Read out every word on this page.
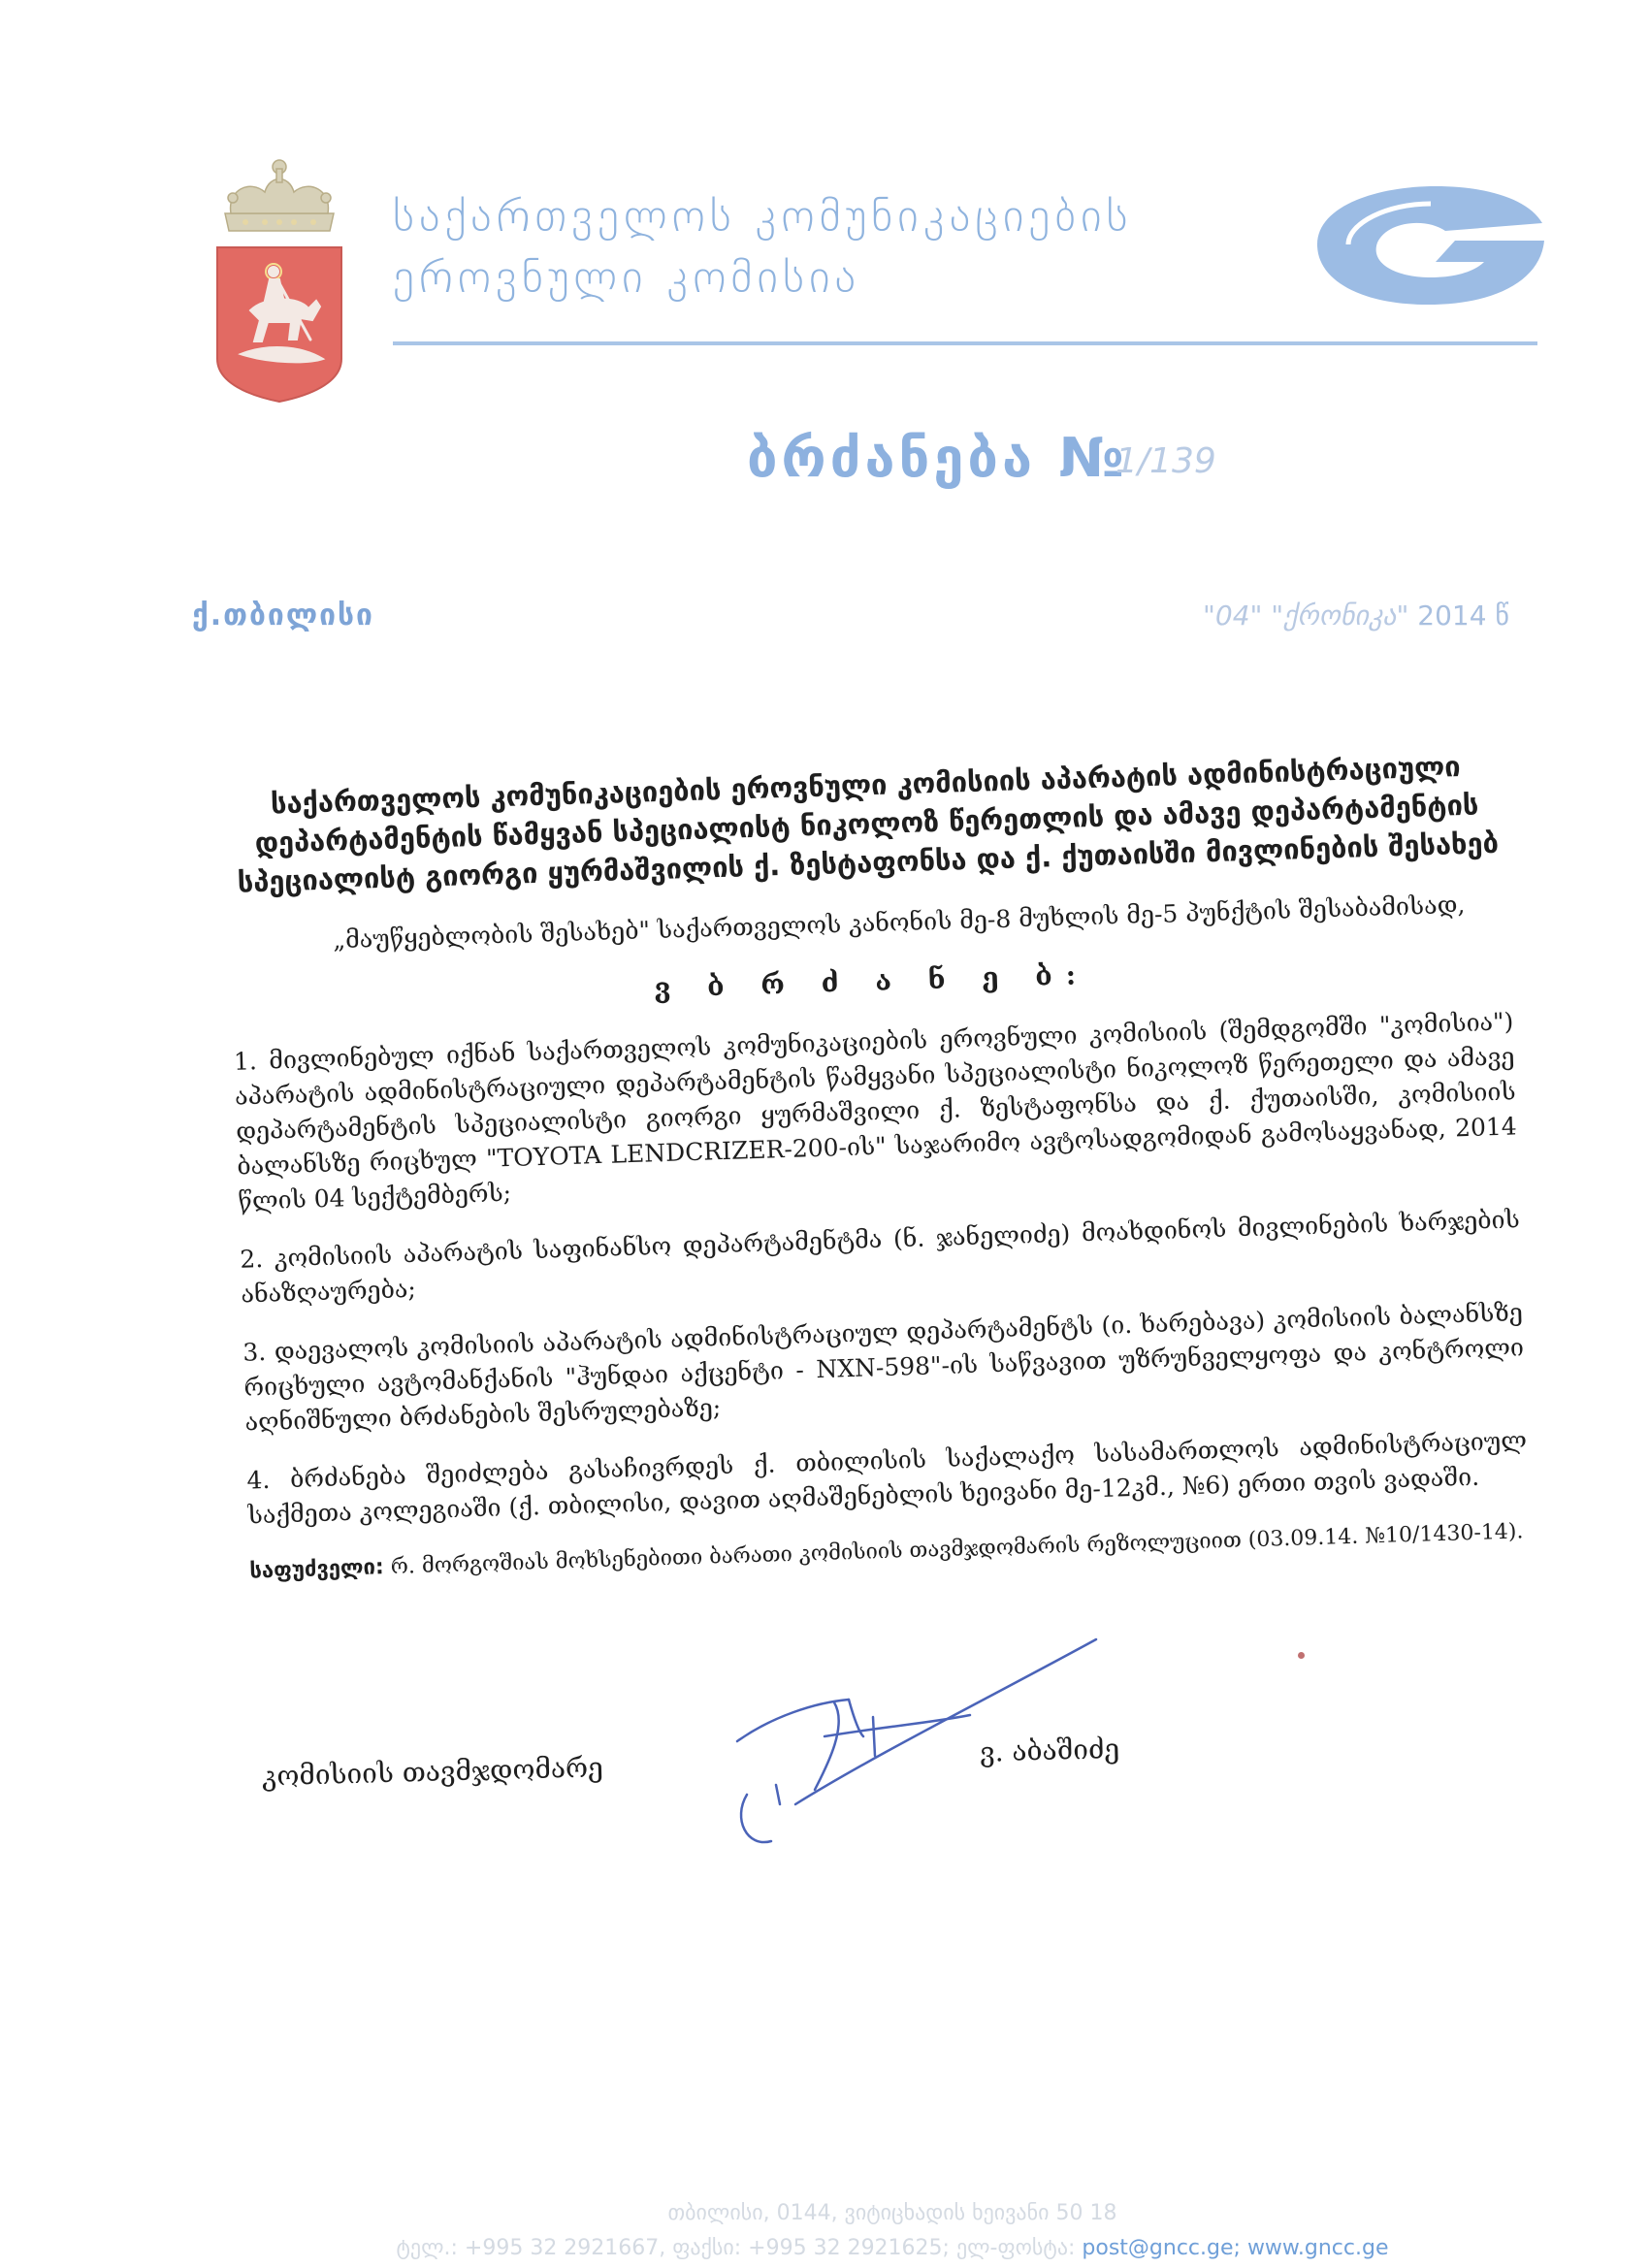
საქართველოს კომუნიკაციების
ეროვნული კომისია
ბრძანება №
1/139
ქ.თბილისი	"04" "ქრონიკა" 2014 წ

საქართველოს კომუნიკაციების ეროვნული კომისიის აპარატის ადმინისტრაციული დეპარტამენტის წამყვან სპეციალისტ ნიკოლოზ წერეთლის და ამავე დეპარტამენტის სპეციალისტ გიორგი ყურმაშვილის ქ. ზესტაფონსა და ქ. ქუთაისში მივლინების შესახებ

„მაუწყებლობის შესახებ" საქართველოს კანონის მე-8 მუხლის მე-5 პუნქტის შესაბამისად,

ვ ბ რ ძ ა ნ ე ბ:

1. მივლინებულ იქნან საქართველოს კომუნიკაციების ეროვნული კომისიის (შემდგომში "კომისია") აპარატის ადმინისტრაციული დეპარტამენტის წამყვანი სპეციალისტი ნიკოლოზ წერეთელი და ამავე დეპარტამენტის სპეციალისტი გიორგი ყურმაშვილი ქ. ზესტაფონსა და ქ. ქუთაისში, კომისიის ბალანსზე რიცხულ "TOYOTA LENDCRIZER-200-ის" საჯარიმო ავტოსადგომიდან გამოსაყვანად, 2014 წლის 04 სექტემბერს;

2. კომისიის აპარატის საფინანსო დეპარტამენტმა (ნ. ჯანელიძე) მოახდინოს მივლინების ხარჯების ანაზღაურება;

3. დაევალოს კომისიის აპარატის ადმინისტრაციულ დეპარტამენტს (ი. ხარებავა) კომისიის ბალანსზე რიცხული ავტომანქანის "ჰუნდაი აქცენტი - NXN-598"-ის საწვავით უზრუნველყოფა და კონტროლი აღნიშნული ბრძანების შესრულებაზე;

4. ბრძანება შეიძლება გასაჩივრდეს ქ. თბილისის საქალაქო სასამართლოს ადმინისტრაციულ საქმეთა კოლეგიაში (ქ. თბილისი, დავით აღმაშენებლის ხეივანი მე-12კმ., №6) ერთი თვის ვადაში.

საფუძველი: რ. მორგოშიას მოხსენებითი ბარათი კომისიის თავმჯდომარის რეზოლუციით (03.09.14. №10/1430-14).

კომისიის თავმჯდომარე
ვ. აბაშიძე
თბილისი, 0144, ვიტიცხადის ხეივანი 50 18
ტელ.: +995 32 2921667, ფაქსი: +995 32 2921625; ელ-ფოსტა: post@gncc.ge; www.gncc.ge
